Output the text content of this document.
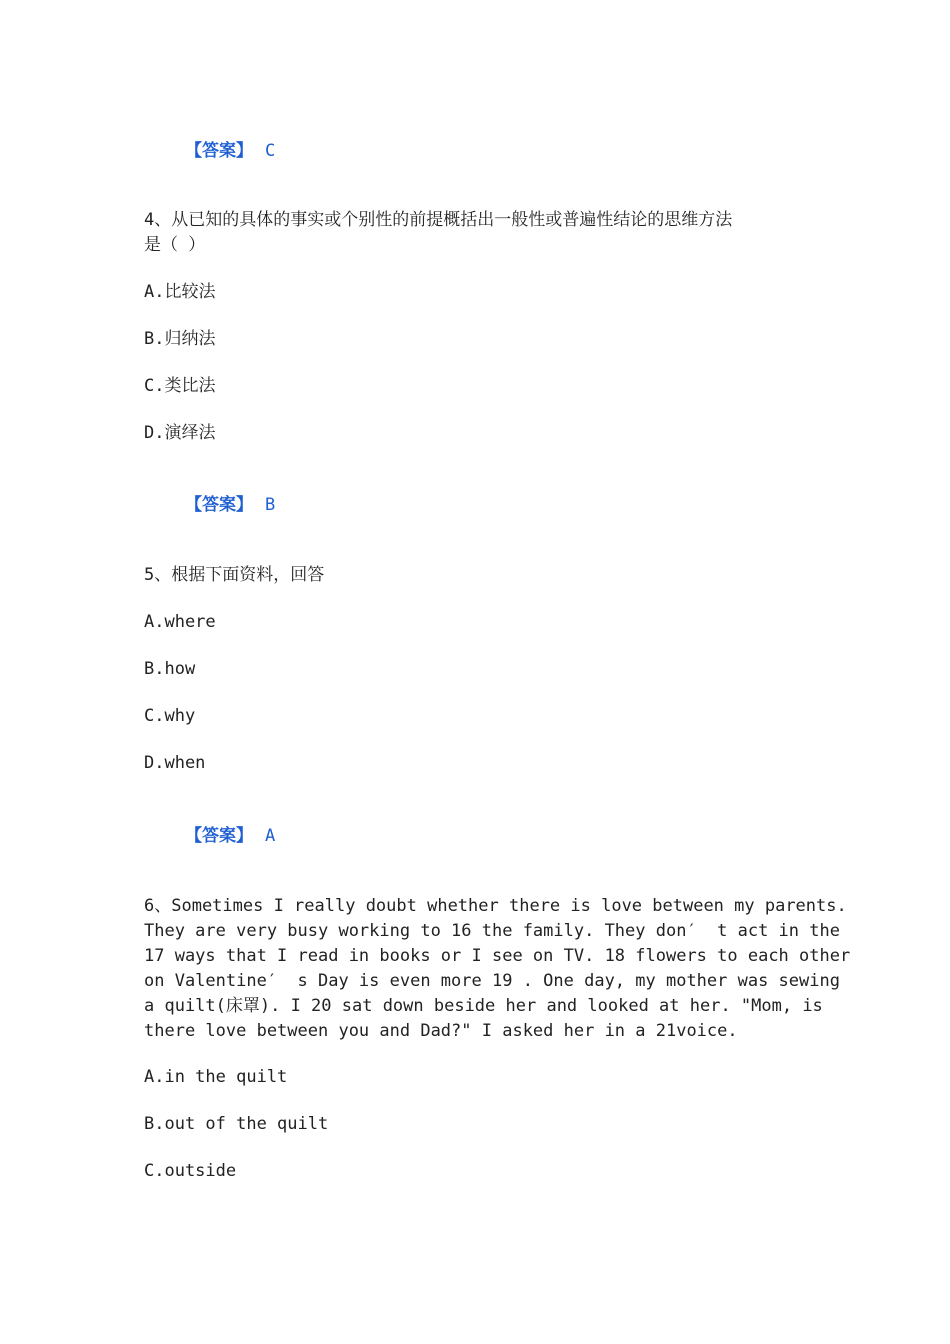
【答案】 C

4、从已知的具体的事实或个别性的前提概括出一般性或普遍性结论的思维方法
是（ ）
A.比较法
B.归纳法
C.类比法
D.演绎法

【答案】 B

5、根据下面资料，回答
A.where
B.how
C.why
D.when

【答案】 A

6、Sometimes I really doubt whether there is love between my parents.
They are very busy working to 16 the family. They don′  t act in the
17 ways that I read in books or I see on TV. 18 flowers to each other
on Valentine′  s Day is even more 19 . One day, my mother was sewing
a quilt(床罩). I 20 sat down beside her and looked at her. "Mom, is
there love between you and Dad?" I asked her in a 21voice.
A.in the quilt
B.out of the quilt
C.outside
